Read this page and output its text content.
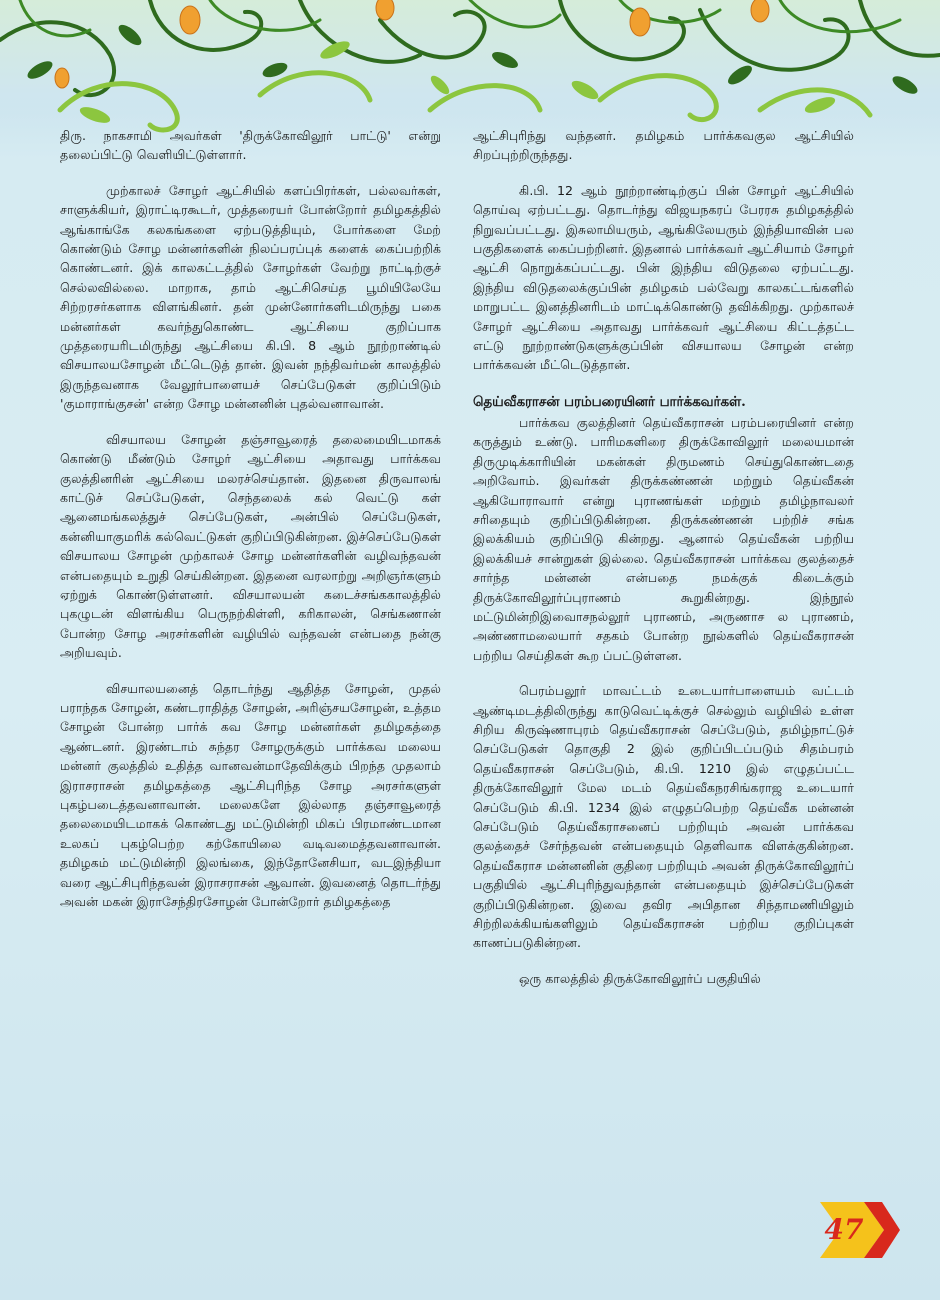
திரு. நாகசாமி அவர்கள் 'திருக்கோவிலூர் பாட்டு' என்று தலைப்பிட்டு வெளியிட்டுள்ளார்.

முற்காலச் சோழர் ஆட்சியில் களப்பிரர்கள், பல்லவர்கள், சாளுக்கியர், இராட்டிரகூடர், முத்தரையர் போன்றோர் தமிழகத்தில் ஆங்காங்கே கலகங்களை ஏற்படுத்தியும், போர்களை மேற் கொண்டும் சோழ மன்னர்களின் நிலப்பரப்புக் களைக் கைப்பற்றிக் கொண்டனர். இக் காலகட்டத்தில் சோழர்கள் வேற்று நாட்டிற்குச் செல்லவில்லை. மாறாக, தாம் ஆட்சிசெய்த பூமியிலேயே சிற்றரசர்களாக விளங்கினர். தன் முன்னோர்களிடமிருந்து பகை மன்னர்கள் கவர்ந்துகொண்ட ஆட்சியை குறிப்பாக முத்தரையரிடமிருந்து ஆட்சியை கி.பி. 8 ஆம் நூற்றாண்டில் விசயாலயசோழன் மீட்டெடுத் தான். இவன் நந்திவர்மன் காலத்தில் இருந்தவனாக வேலூர்பாளையச் செப்பேடுகள் குறிப்பிடும் 'குமாராங்குசன்' என்ற சோழ மன்னனின் புதல்வனாவான்.

விசயாலய சோழன் தஞ்சாவூரைத் தலைமையிடமாகக் கொண்டு மீண்டும் சோழர் ஆட்சியை அதாவது பார்க்கவ குலத்தினரின் ஆட்சியை மலரச்செய்தான். இதனை திருவாலங் காட்டுச் செப்பேடுகள், செந்தலைக் கல் வெட்டு கள் ஆனைமங்கலத்துச் செப்பேடுகள், அன்பில் செப்பேடுகள், கன்னியாகுமரிக் கல்வெட்டுகள் குறிப்பிடுகின்றன. இச்செப்பேடுகள் விசயாலய சோழன் முற்காலச் சோழ மன்னர்களின் வழிவந்தவன் என்பதையும் உறுதி செய்கின்றன. இதனை வரலாற்று அறிஞர்களும் ஏற்றுக் கொண்டுள்ளனர். விசயாலயன் கடைச்சங்ககாலத்தில் புகழுடன் விளங்கிய பெருநற்கிள்ளி, கரிகாலன், செங்கணான் போன்ற சோழ அரசர்களின் வழியில் வந்தவன் என்பதை நன்கு அறியவும்.

விசயாலயனைத் தொடர்ந்து ஆதித்த சோழன், முதல் பராந்தக சோழன், கண்டராதித்த சோழன், அரிஞ்சயசோழன், உத்தம சோழன் போன்ற பார்க் கவ சோழ மன்னர்கள் தமிழகத்தை ஆண்டனர். இரண்டாம் சுந்தர சோழருக்கும் பார்க்கவ மலைய மன்னர் குலத்தில் உதித்த வானவன்மாதேவிக்கும் பிறந்த முதலாம் இராசராசன் தமிழகத்தை ஆட்சிபுரிந்த சோழ அரசர்களுள் புகழ்படைத்தவனாவான். மலைகளே இல்லாத தஞ்சாவூரைத் தலைமையிடமாகக் கொண்டது மட்டுமின்றி மிகப் பிரமாண்டமான உலகப் புகழ்பெற்ற கற்கோயிலை வடிவமைத்தவனாவான். தமிழகம் மட்டுமின்றி இலங்கை, இந்தோனேசியா, வடஇந்தியா வரை ஆட்சிபுரிந்தவன் இராசராசன் ஆவான். இவனைத் தொடர்ந்து அவன் மகன் இராசேந்திரசோழன் போன்றோர் தமிழகத்தை

ஆட்சிபுரிந்து வந்தனர். தமிழகம் பார்க்கவகுல ஆட்சியில் சிறப்புற்றிருந்தது.

கி.பி. 12 ஆம் நூற்றாண்டிற்குப் பின் சோழர் ஆட்சியில் தொய்வு ஏற்பட்டது. தொடர்ந்து விஜயநகரப் பேரரசு தமிழகத்தில் நிறுவப்பட்டது. இசுலாமியரும், ஆங்கிலேயரும் இந்தியாவின் பல பகுதிகளைக் கைப்பற்றினர். இதனால் பார்க்கவர் ஆட்சியாம் சோழர் ஆட்சி நொறுக்கப்பட்டது. பின் இந்திய விடுதலை ஏற்பட்டது. இந்திய விடுதலைக்குப்பின் தமிழகம் பல்வேறு காலகட்டங்களில் மாறுபட்ட இனத்தினரிடம் மாட்டிக்கொண்டு தவிக்கிறது. முற்காலச் சோழர் ஆட்சியை அதாவது பார்க்கவர் ஆட்சியை கிட்டத்தட்ட எட்டு நூற்றாண்டுகளுக்குப்பின் விசயாலய சோழன் என்ற பார்க்கவன் மீட்டெடுத்தான்.

தெய்வீகராசன் பரம்பரையினர் பார்க்கவர்கள்.

பார்க்கவ குலத்தினர் தெய்வீகராசன் பரம்பரையினர் என்ற கருத்தும் உண்டு. பாரிமகளிரை திருக்கோவிலூர் மலையமான் திருமுடிக்காரியின் மகன்கள் திருமணம் செய்துகொண்டதை அறிவோம். இவர்கள் திருக்கண்ணன் மற்றும் தெய்வீகன் ஆகியோராவார் என்று புராணங்கள் மற்றும் தமிழ்நாவலர் சரிதையும் குறிப்பிடுகின்றன. திருக்கண்ணன் பற்றிச் சங்க இலக்கியம் குறிப்பிடு கின்றது. ஆனால் தெய்வீகன் பற்றிய இலக்கியச் சான்றுகள் இல்லை. தெய்வீகராசன் பார்க்கவ குலத்தைச் சார்ந்த மன்னன் என்பதை நமக்குக் கிடைக்கும் திருக்கோவிலூர்ப்புராணம் கூறுகின்றது. இந்நூல் மட்டுமின்றிஇவைாசநல்லூர் புராணம், அருணாச ல புராணம், அண்ணாமலையார் சதகம் போன்ற நூல்களில் தெய்வீகராசன் பற்றிய செய்திகள் கூற ப்பட்டுள்ளன.

பெரம்பலூர் மாவட்டம் உடையார்பாளையம் வட்டம் ஆண்டிமடத்திலிருந்து காடுவெட்டிக்குச் செல்லும் வழியில் உள்ள சிறிய கிருஷ்ணாபுரம் தெய்வீகராசன் செப்பேடும், தமிழ்நாட்டுச் செப்பேடுகள் தொகுதி 2 இல் குறிப்பிடப்படும் சிதம்பரம் தெய்வீகராசன் செப்பேடும், கி.பி. 1210 இல் எழுதப்பட்ட திருக்கோவிலூர் மேல மடம் தெய்வீகநரசிங்கராஜ உடையார் செப்பேடும் கி.பி. 1234 இல் எழுதப்பெற்ற தெய்வீக மன்னன் செப்பேடும் தெய்வீகராசனைப் பற்றியும் அவன் பார்க்கவ குலத்தைச் சேர்ந்தவன் என்பதையும் தெளிவாக விளக்குகின்றன. தெய்வீகராச மன்னனின் குதிரை பற்றியும் அவன் திருக்கோவிலூர்ப் பகுதியில் ஆட்சிபுரிந்துவந்தான் என்பதையும் இச்செப்பேடுகள் குறிப்பிடுகின்றன. இவை தவிர அபிதான சிந்தாமணியிலும் சிற்றிலக்கியங்களிலும் தெய்வீகராசன் பற்றிய குறிப்புகள் காணப்படுகின்றன.

ஒரு காலத்தில் திருக்கோவிலூர்ப் பகுதியில்

47
